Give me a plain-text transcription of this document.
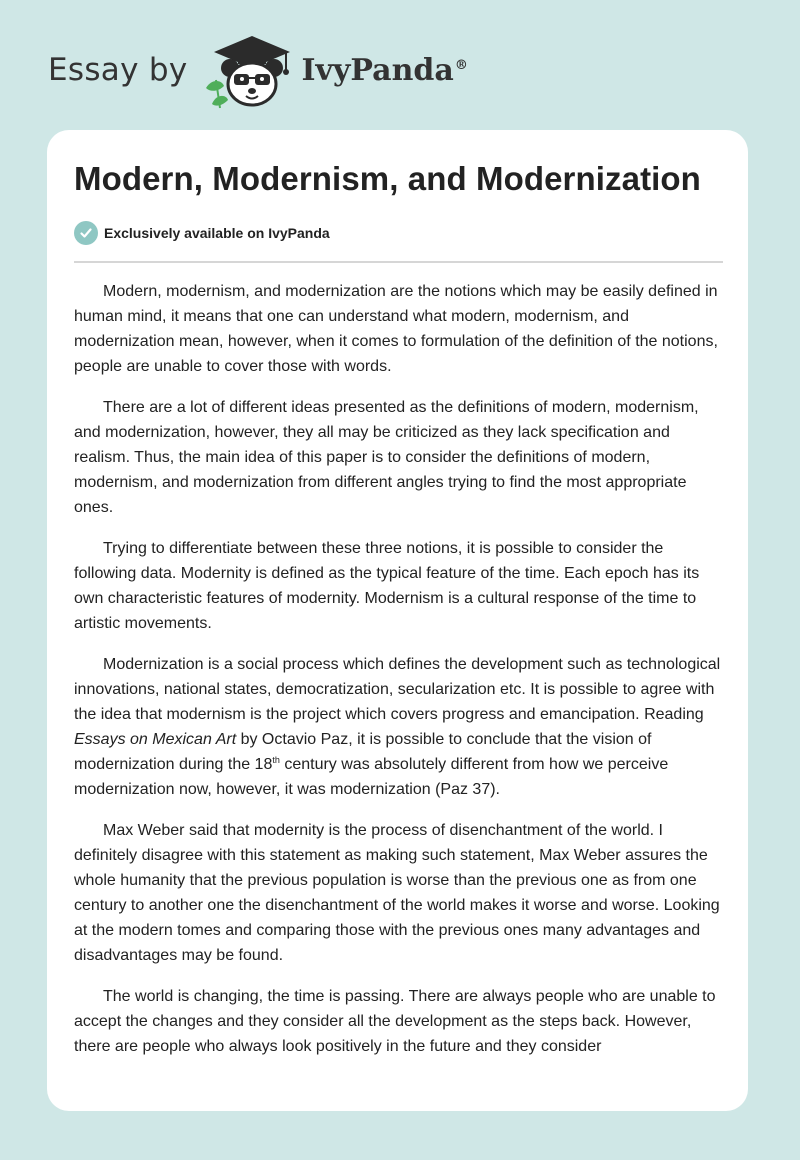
Essay by	IvyPanda®
Modern, Modernism, and Modernization
Exclusively available on IvyPanda

Modern, modernism, and modernization are the notions which may be easily defined in human mind, it means that one can understand what modern, modernism, and modernization mean, however, when it comes to formulation of the definition of the notions, people are unable to cover those with words.

There are a lot of different ideas presented as the definitions of modern, modernism, and modernization, however, they all may be criticized as they lack specification and realism. Thus, the main idea of this paper is to consider the definitions of modern, modernism, and modernization from different angles trying to find the most appropriate ones.

Trying to differentiate between these three notions, it is possible to consider the following data. Modernity is defined as the typical feature of the time. Each epoch has its own characteristic features of modernity. Modernism is a cultural response of the time to artistic movements.

Modernization is a social process which defines the development such as technological innovations, national states, democratization, secularization etc. It is possible to agree with the idea that modernism is the project which covers progress and emancipation. Reading Essays on Mexican Art by Octavio Paz, it is possible to conclude that the vision of modernization during the 18th century was absolutely different from how we perceive modernization now, however, it was modernization (Paz 37).

Max Weber said that modernity is the process of disenchantment of the world. I definitely disagree with this statement as making such statement, Max Weber assures the whole humanity that the previous population is worse than the previous one as from one century to another one the disenchantment of the world makes it worse and worse. Looking at the modern tomes and comparing those with the previous ones many advantages and disadvantages may be found.

The world is changing, the time is passing. There are always people who are unable to accept the changes and they consider all the development as the steps back. However, there are people who always look positively in the future and they consider
